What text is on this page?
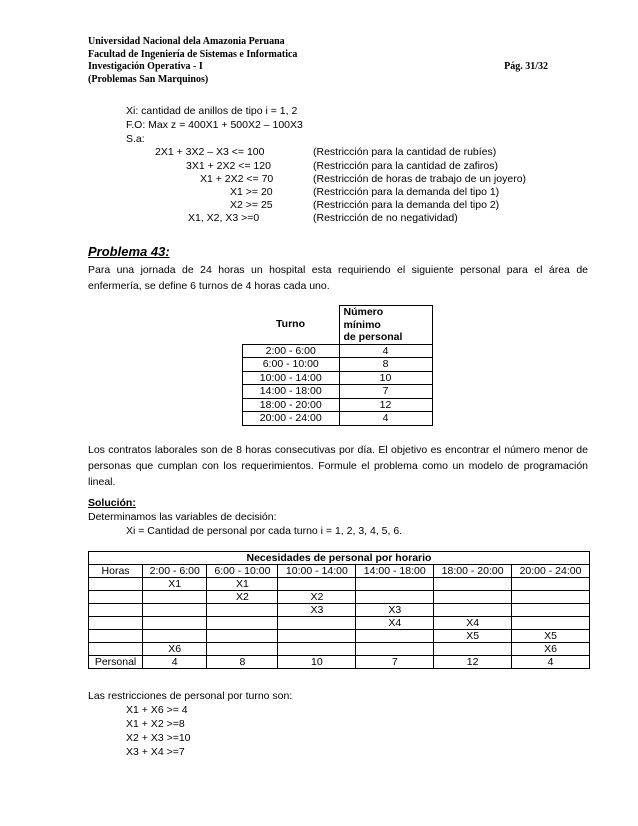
Universidad Nacional dela Amazonia Peruana
Facultad de Ingeniería de Sistemas e Informatica
Investigación Operativa - I
(Problemas San Marquinos)
Pág. 31/32
Xi: cantidad de anillos de tipo i = 1, 2
F.O: Max z = 400X1 + 500X2 – 100X3
S.a:
2X1 + 3X2 – X3 <= 100	(Restricción para la cantidad de rubíes)
3X1 + 2X2 <= 120	(Restricción para la cantidad de zafiros)
X1 + 2X2 <= 70	(Restricción de horas de trabajo de un joyero)
X1 >= 20	(Restricción para la demanda del tipo 1)
X2 >= 25	(Restricción para la demanda del tipo 2)
X1, X2, X3 >=0	(Restricción de no negatividad)
Problema 43:
Para una jornada de 24 horas un hospital esta requiriendo el siguiente personal para el área de enfermería, se define 6 turnos de 4 horas cada uno.
Turno	Número
mínimo
de personal

2:00 - 6:00	4
6:00 - 10:00	8
10:00 - 14:00	10
14:00 - 18:00	7
18:00 - 20:00	12
20:00 - 24:00	4
Los contratos laborales son de 8 horas consecutivas por día. El objetivo es encontrar el número menor de personas que cumplan con los requerimientos. Formule el problema como un modelo de programación lineal.
Solución:
Determinamos las variables de decisión:
Xi = Cantidad de personal por cada turno i = 1, 2, 3, 4, 5, 6.
Necesidades de personal por horario						
Horas	2:00 - 6:00	6:00 - 10:00	10:00 - 14:00	14:00 - 18:00	18:00 - 20:00	20:00 - 24:00
	X1	X1				
		X2	X2			
			X3	X3		
				X4	X4	
					X5	X5
	X6					X6
Personal	4	8	10	7	12	4
Las restricciones de personal por turno son:
X1 + X6 >= 4
X1 + X2 >=8
X2 + X3 >=10
X3 + X4 >=7
